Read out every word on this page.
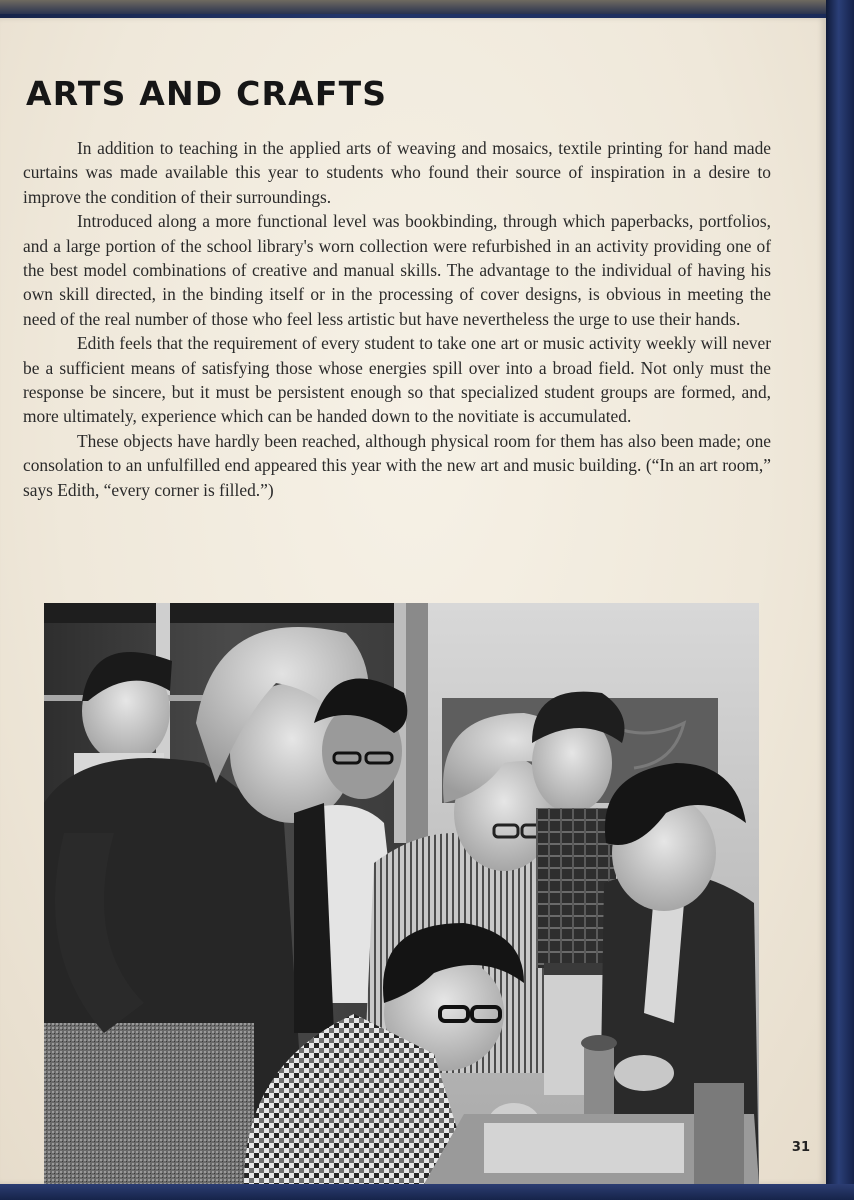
ARTS AND CRAFTS

In addition to teaching in the applied arts of weaving and mosaics, textile printing for hand made curtains was made available this year to students who found their source of inspiration in a desire to improve the condition of their surroundings.

Introduced along a more functional level was bookbinding, through which paperbacks, portfolios, and a large portion of the school library's worn collection were refurbished in an activity providing one of the best model combinations of creative and manual skills. The advantage to the individual of having his own skill directed, in the binding itself or in the processing of cover designs, is obvious in meeting the need of the real number of those who feel less artistic but have nevertheless the urge to use their hands.

Edith feels that the requirement of every student to take one art or music activity weekly will never be a sufficient means of satisfying those whose energies spill over into a broad field. Not only must the response be sincere, but it must be persistent enough so that specialized student groups are formed, and, more ultimately, experience which can be handed down to the novitiate is accumulated.

These objects have hardly been reached, although physical room for them has also been made; one consolation to an unfulfilled end appeared this year with the new art and music building. (“In an art room,” says Edith, “every corner is filled.”)

31
